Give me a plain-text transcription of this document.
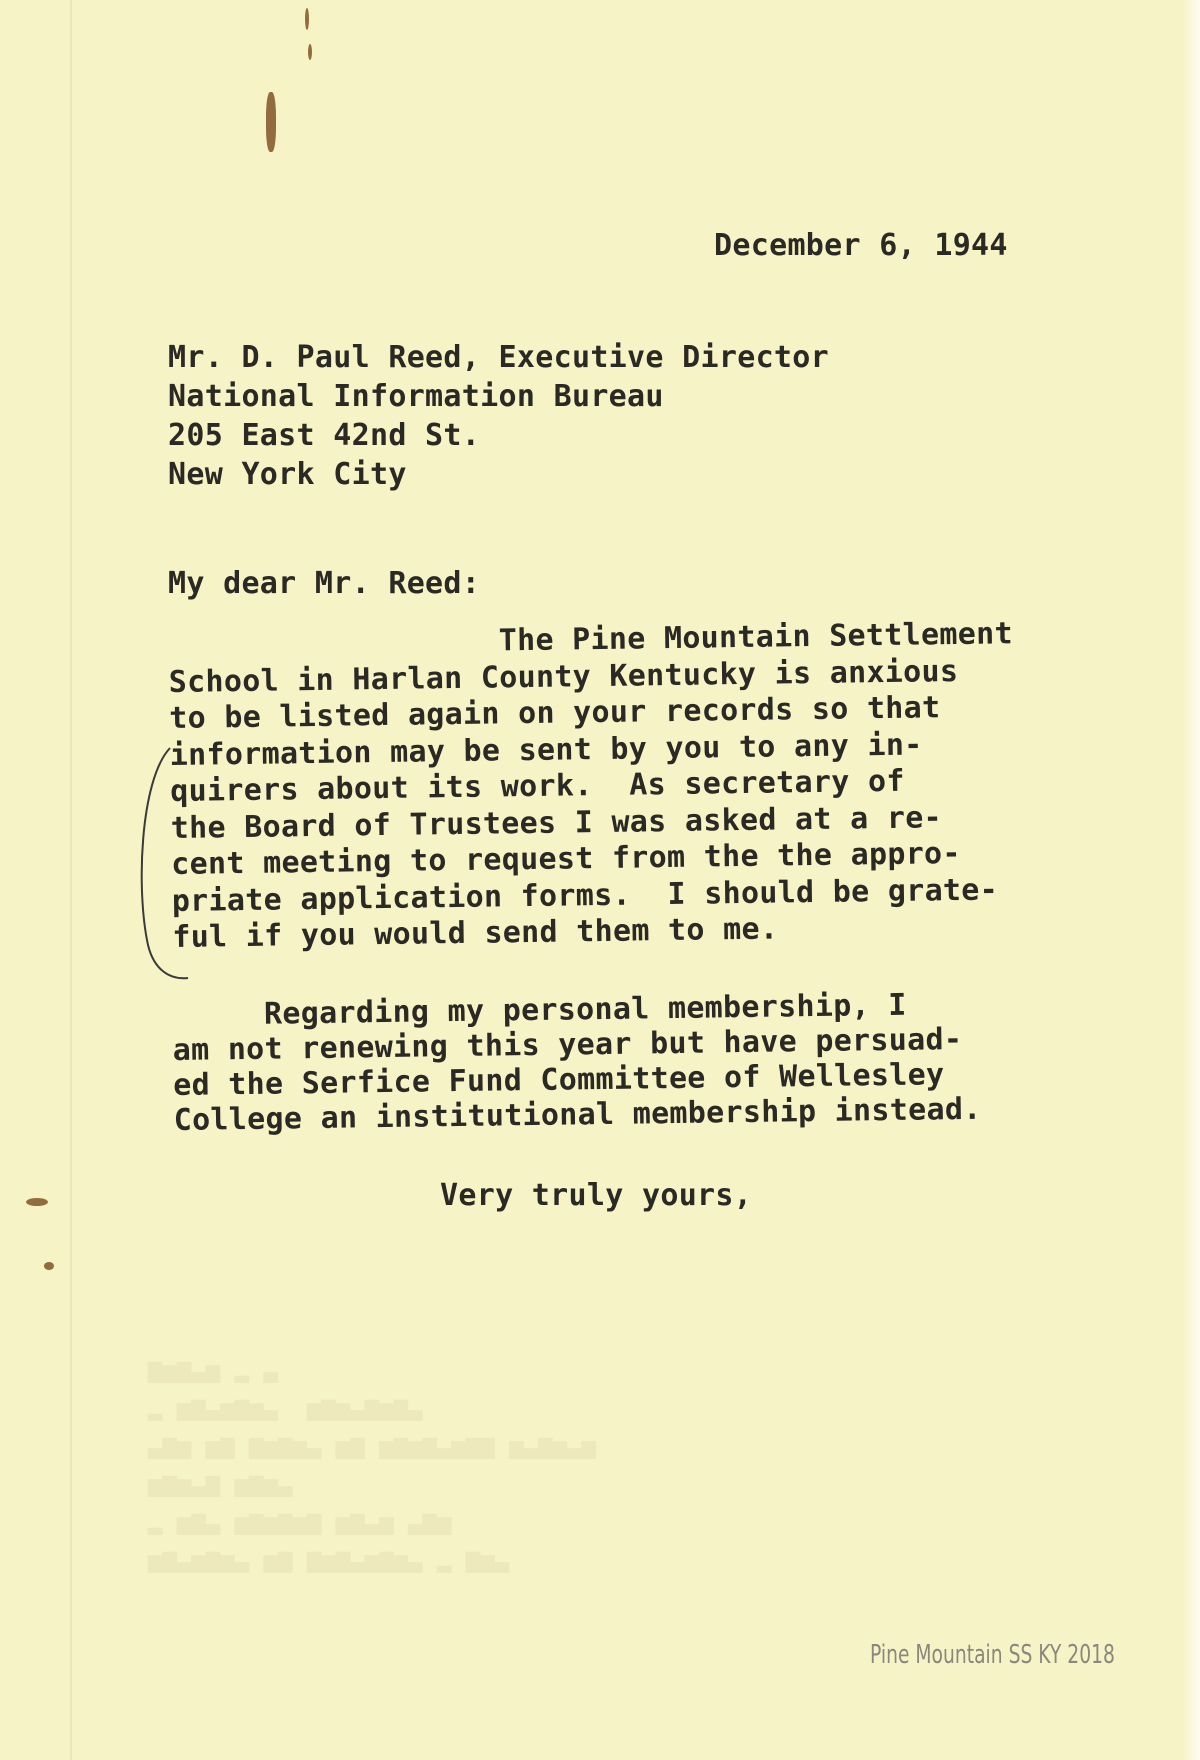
December 6, 1944
Mr. D. Paul Reed, Executive Director
National Information Bureau
205 East 42nd St.
New York City
My dear Mr. Reed:
The Pine Mountain Settlement
School in Harlan County Kentucky is anxious
to be listed again on your records so that
information may be sent by you to any in-
quirers about its work.  As secretary of
the Board of Trustees I was asked at a re-
cent meeting to request from the the appro-
priate application forms.  I should be grate-
ful if you would send them to me.
Regarding my personal membership, I
am not renewing this year but have persuad-
ed the Serfice Fund Committee of Wellesley
College an institutional membership instead.
Very truly yours,
▆▅▆▃▅ ▂ ▃
▂ ▅▆▃▅▆▅▃  ▅▆▅▃▆▅▆▃
▃▆▅ ▅▆ ▆▅▆▅▃ ▅▆ ▅▆▅▆▃▅▆▆ ▅▃▆▅▃▅
▅▆▅▃▆ ▅▆▅▃
▂ ▅▆▃ ▅▆▅▆▅▆ ▅▆▃▅ ▃▆▅
▅▆▃▅▆▅▃ ▅▆ ▆▅▆▃▅▆▅▃ ▂ ▆▅▃
Pine Mountain SS KY 2018
